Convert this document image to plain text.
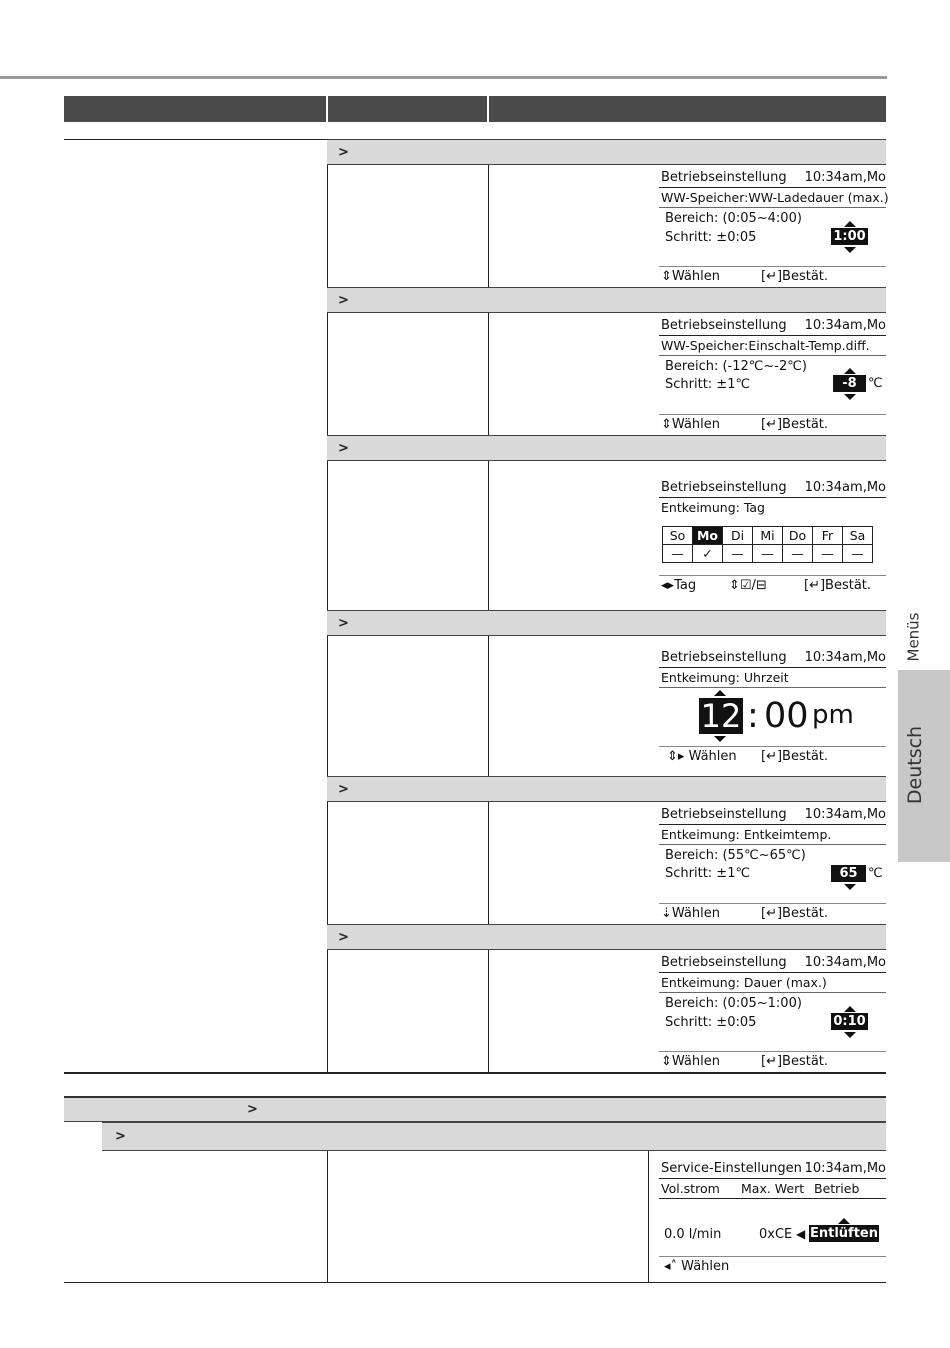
>
>
>
>
>
>
Betriebseinstellung 10:34am,Mo
WW-Speicher:WW-Ladedauer (max.)
Bereich: (0:05~4:00)
Schritt: ±0:05	1:00
⇕Wählen	[↵]Bestät.
Betriebseinstellung 10:34am,Mo
WW-Speicher:Einschalt-Temp.diff.
Bereich: (-12℃~-2℃)
Schritt: ±1℃	-8 ℃
⇕Wählen	[↵]Bestät.
Betriebseinstellung 10:34am,Mo
Entkeimung: Tag
So	Mo	Di	Mi	Do	Fr	Sa
—	✓	—	—	—	—	—
◂▸Tag	⇕☑/⊟	[↵]Bestät.
Betriebseinstellung 10:34am,Mo
Entkeimung: Uhrzeit
12 : 00 pm
⇕▸ Wählen [↵]Bestät.
Betriebseinstellung 10:34am,Mo
Entkeimung: Entkeimtemp.
Bereich: (55℃~65℃)
Schritt: ±1℃	65 ℃
⇣Wählen	[↵]Bestät.
Betriebseinstellung 10:34am,Mo
Entkeimung: Dauer (max.)
Bereich: (0:05~1:00)
Schritt: ±0:05	0:10
⇕Wählen	[↵]Bestät.
>
>
Service-Einstellungen 10:34am,Mo
Vol.strom Max. Wert Betrieb
0.0 l/min	0xCE ◀ Entlüften
◂˄ Wählen
Menüs
Deutsch
